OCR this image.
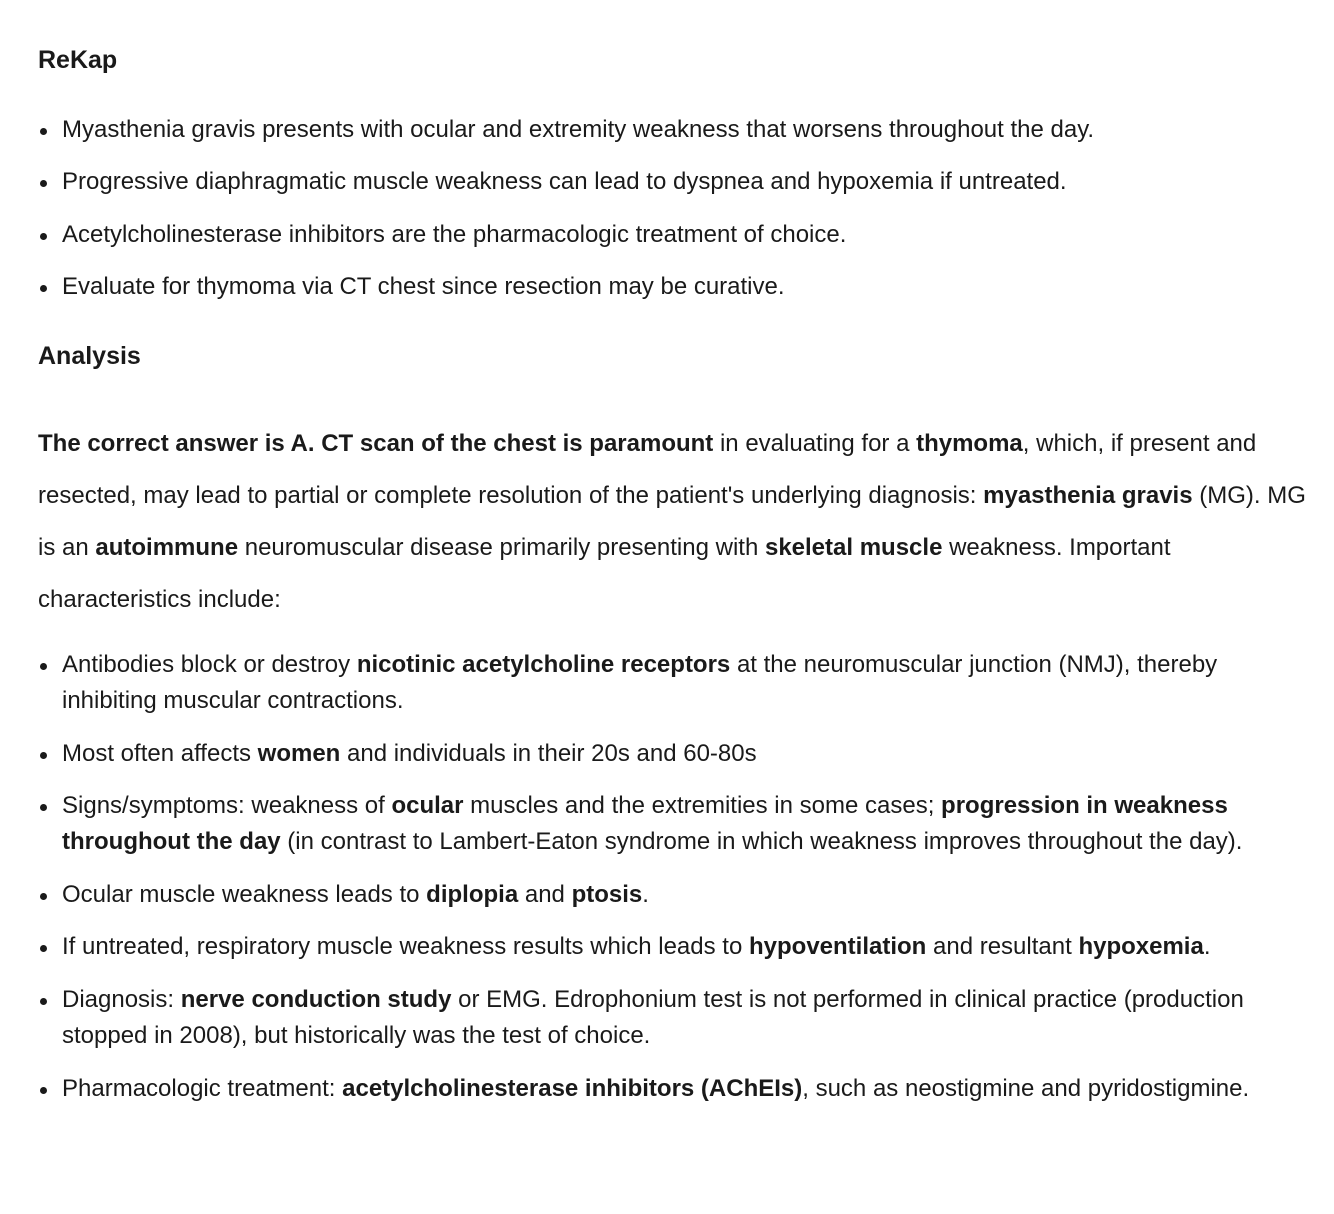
ReKap
Myasthenia gravis presents with ocular and extremity weakness that worsens throughout the day.
Progressive diaphragmatic muscle weakness can lead to dyspnea and hypoxemia if untreated.
Acetylcholinesterase inhibitors are the pharmacologic treatment of choice.
Evaluate for thymoma via CT chest since resection may be curative.
Analysis

The correct answer is A. CT scan of the chest is paramount in evaluating for a thymoma, which, if present and resected, may lead to partial or complete resolution of the patient's underlying diagnosis: myasthenia gravis (MG). MG is an autoimmune neuromuscular disease primarily presenting with skeletal muscle weakness. Important characteristics include:

Antibodies block or destroy nicotinic acetylcholine receptors at the neuromuscular junction (NMJ), thereby inhibiting muscular contractions.
Most often affects women and individuals in their 20s and 60-80s
Signs/symptoms: weakness of ocular muscles and the extremities in some cases; progression in weakness throughout the day (in contrast to Lambert-Eaton syndrome in which weakness improves throughout the day).
Ocular muscle weakness leads to diplopia and ptosis.
If untreated, respiratory muscle weakness results which leads to hypoventilation and resultant hypoxemia.
Diagnosis: nerve conduction study or EMG. Edrophonium test is not performed in clinical practice (production stopped in 2008), but historically was the test of choice.
Pharmacologic treatment: acetylcholinesterase inhibitors (AChEIs), such as neostigmine and pyridostigmine.
